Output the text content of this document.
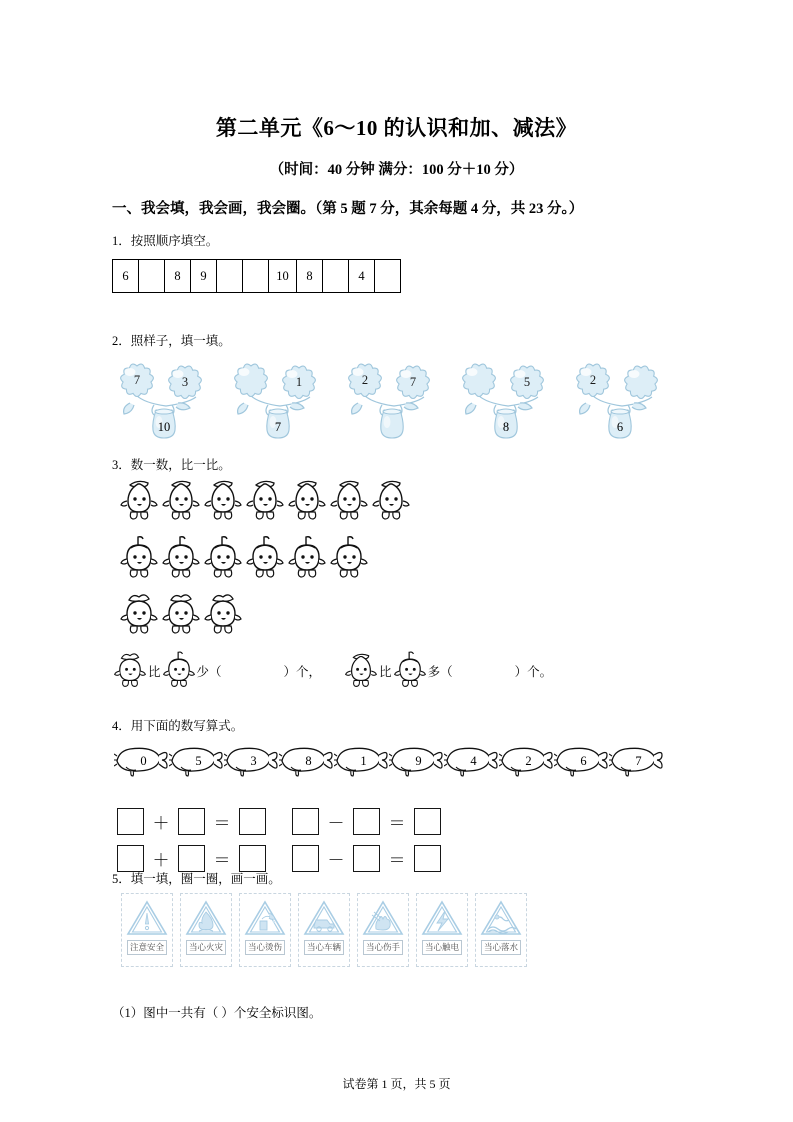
第二单元《6～10 的认识和加、减法》
（时间：40 分钟 满分：100 分＋10 分）
一、我会填，我会画，我会圈。（第 5 题 7 分，其余每题 4 分，共 23 分。）
1．按照顺序填空。
6	8	9	10	8	4
2．照样子，填一填。
7	3
10
1
7
2	7	5
8
2
6
3．数一数，比一比。
比	少（	）个，	比	多（	）个。
4．用下面的数写算式。
0	5	3	8	1	9	4	2	6	7
＋	＝	－	＝
＋	＝	－	＝
5．填一填，圈一圈，画一画。
注意安全	当心火灾	当心烫伤	当心车辆	当心伤手	当心触电	当心落水
（1）图中一共有（ ）个安全标识图。
试卷第 1 页，共 5 页
